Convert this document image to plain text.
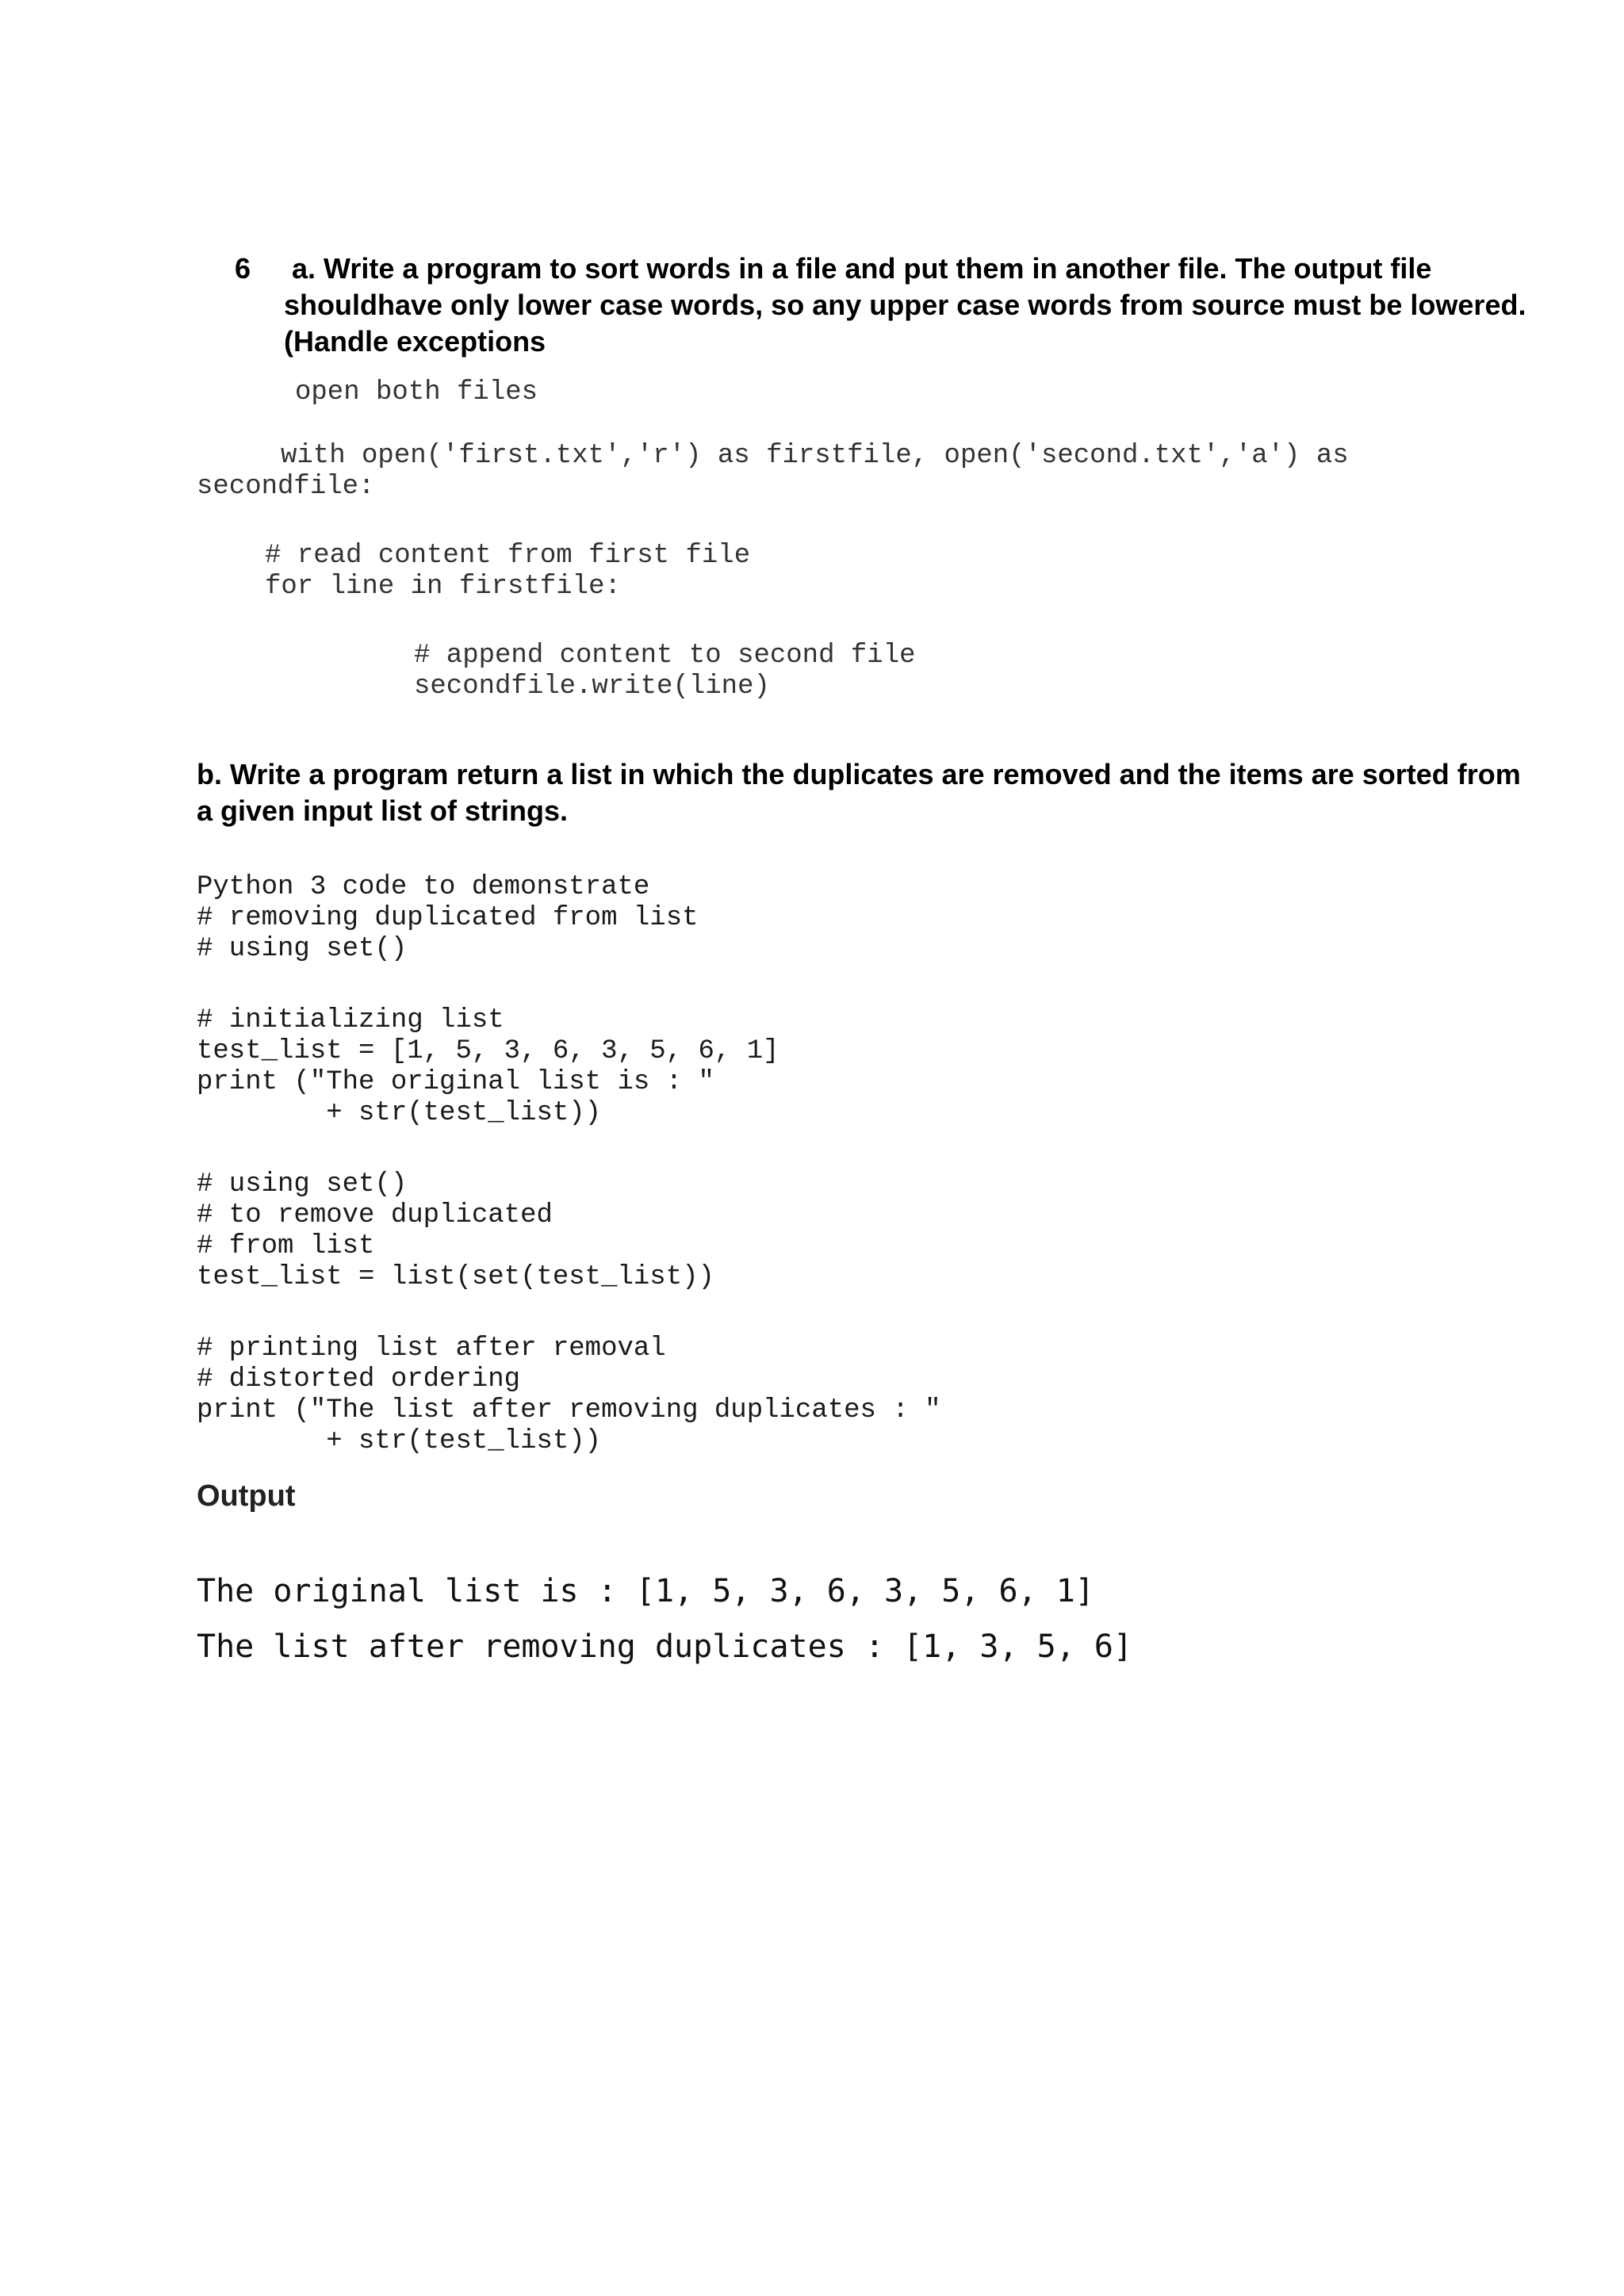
6 a. Write a program to sort words in a file and put them in another file. The output file
shouldhave only lower case words, so any upper case words from source must be lowered.
(Handle exceptions
open both files
with open('first.txt','r') as firstfile, open('second.txt','a') as
secondfile:
# read content from first file
for line in firstfile:
# append content to second file
secondfile.write(line)
b. Write a program return a list in which the duplicates are removed and the items are sorted from
a given input list of strings.
Python 3 code to demonstrate
# removing duplicated from list
# using set()
# initializing list
test_list = [1, 5, 3, 6, 3, 5, 6, 1]
print ("The original list is : "
+ str(test_list))
# using set()
# to remove duplicated
# from list
test_list = list(set(test_list))
# printing list after removal
# distorted ordering
print ("The list after removing duplicates : "
+ str(test_list))
Output
The original list is : [1, 5, 3, 6, 3, 5, 6, 1]
The list after removing duplicates : [1, 3, 5, 6]
